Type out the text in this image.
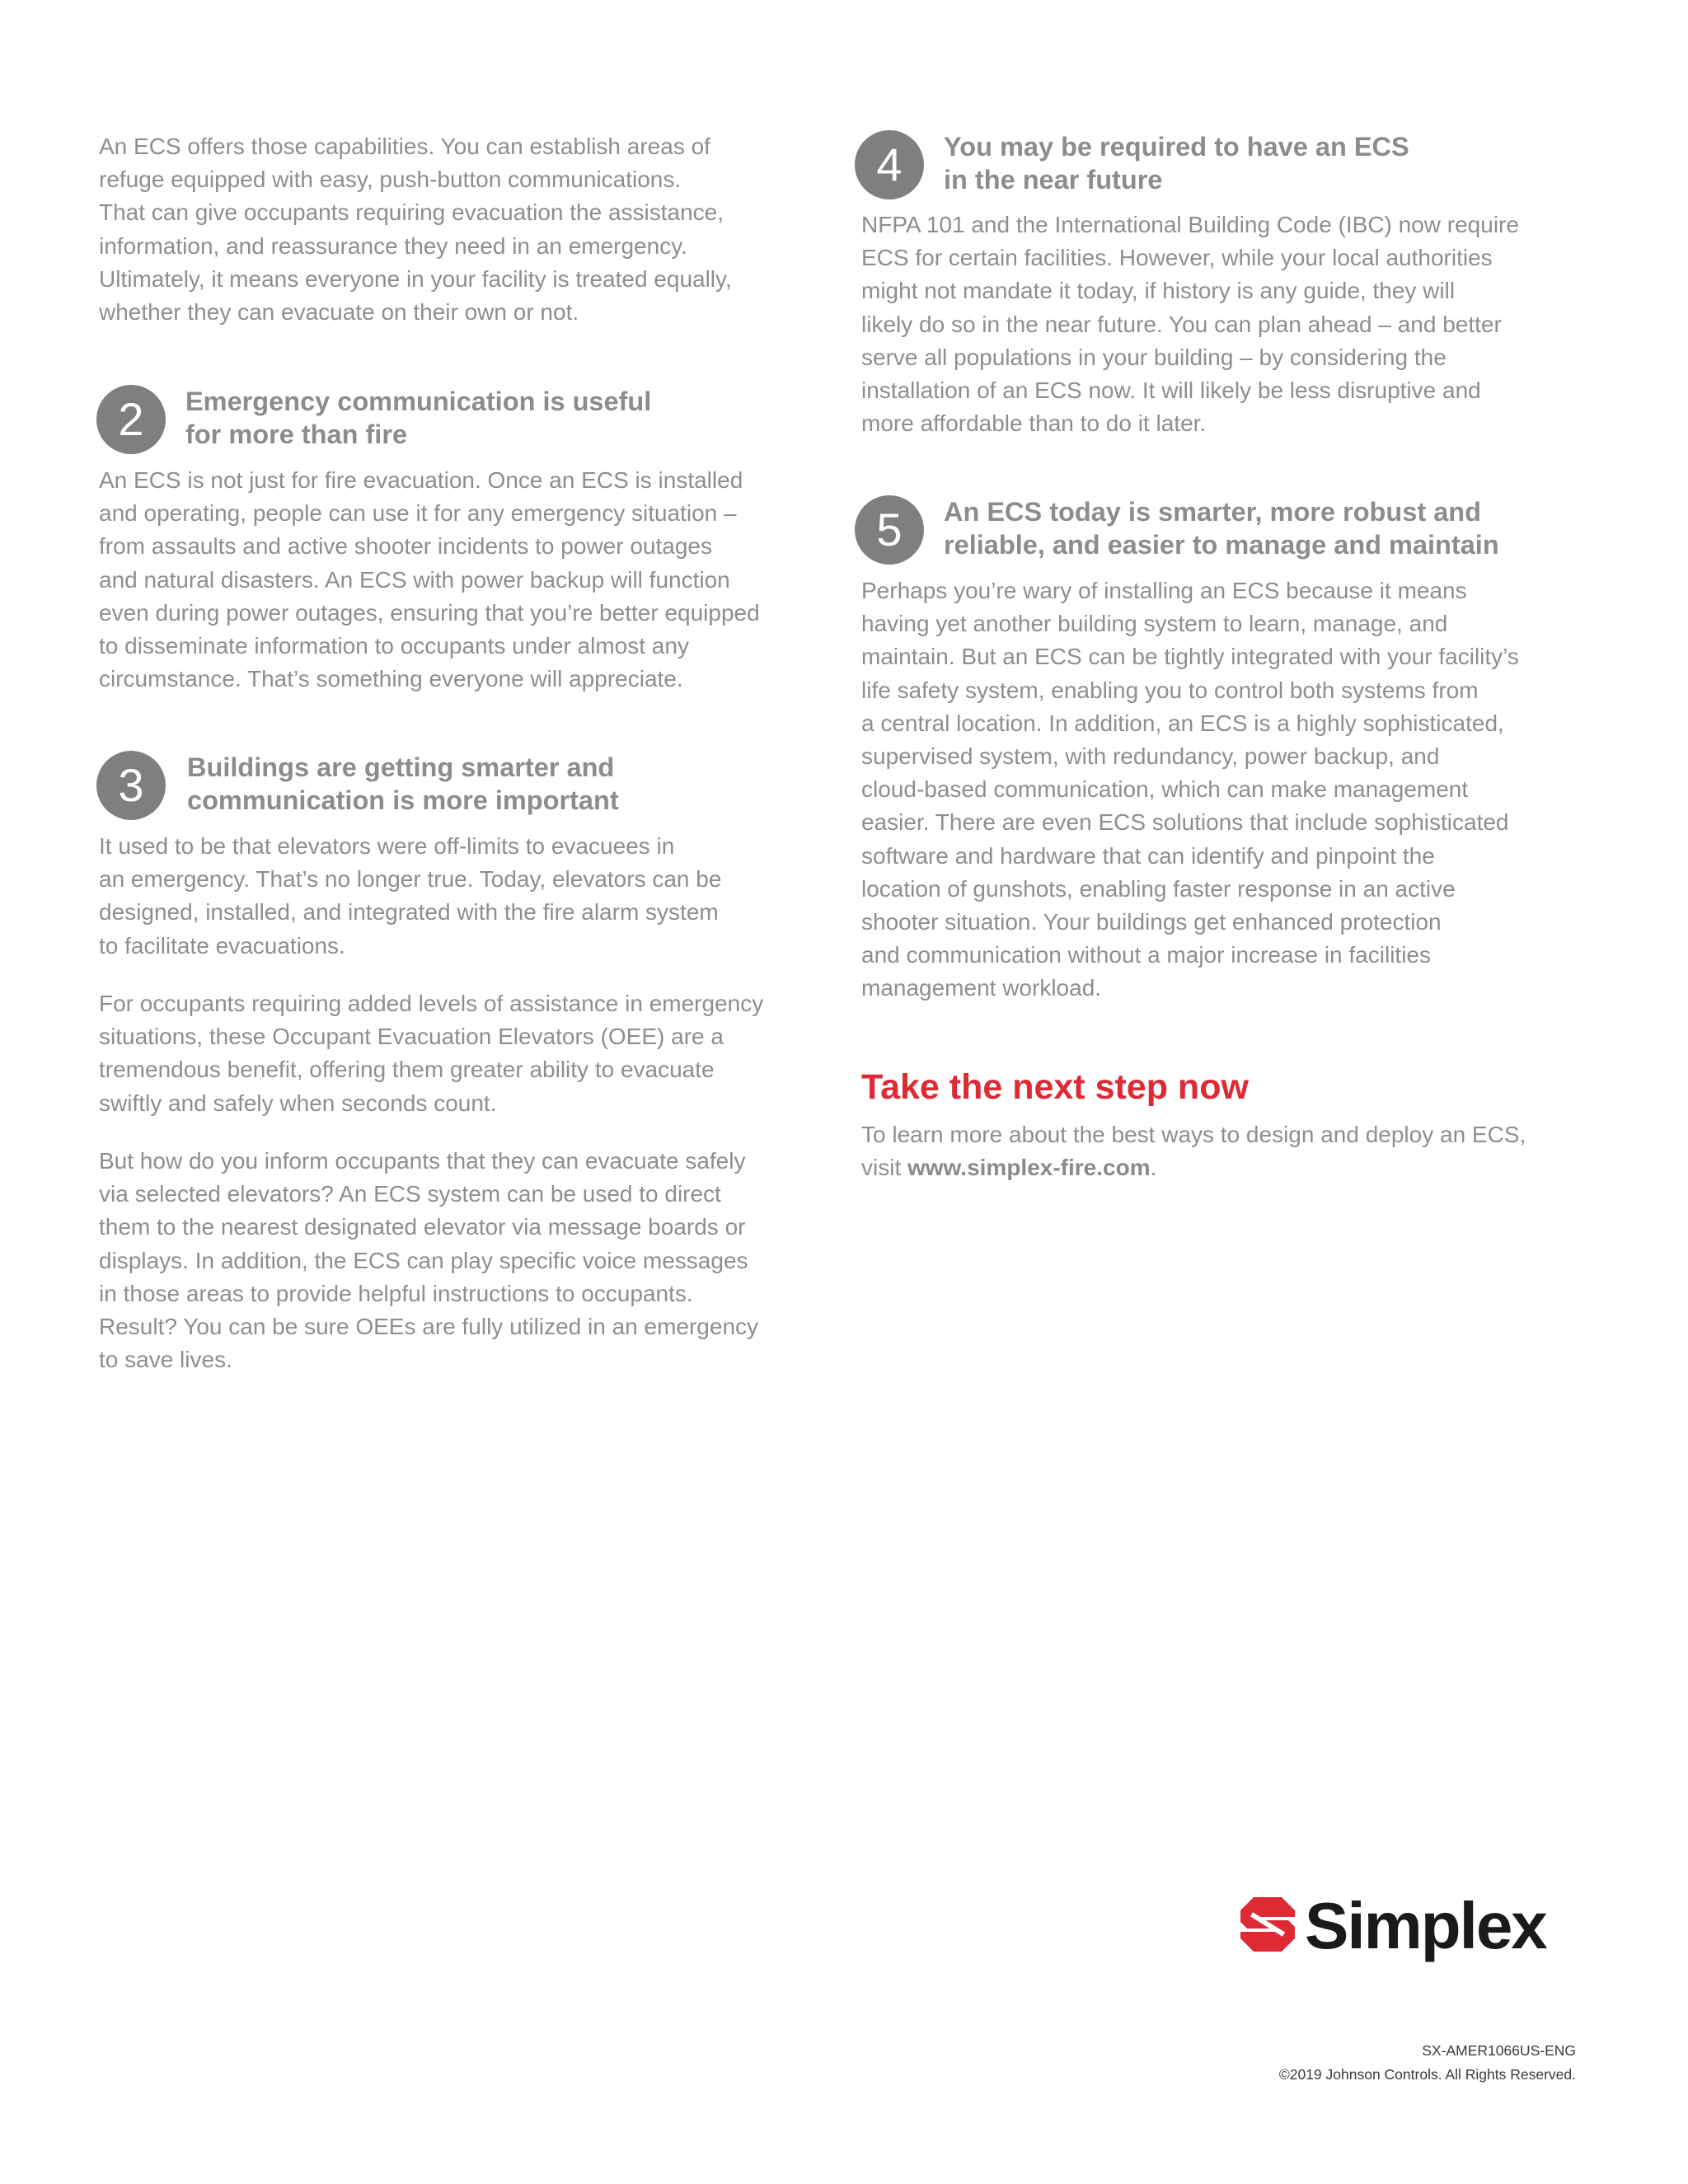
An ECS offers those capabilities. You can establish areas of
refuge equipped with easy, push-button communications.
That can give occupants requiring evacuation the assistance,
information, and reassurance they need in an emergency.
Ultimately, it means everyone in your facility is treated equally,
whether they can evacuate on their own or not.

2	Emergency communication is useful
for more than fire

An ECS is not just for fire evacuation. Once an ECS is installed
and operating, people can use it for any emergency situation –
from assaults and active shooter incidents to power outages
and natural disasters. An ECS with power backup will function
even during power outages, ensuring that you’re better equipped
to disseminate information to occupants under almost any
circumstance. That’s something everyone will appreciate.

3	Buildings are getting smarter and
communication is more important

It used to be that elevators were off-limits to evacuees in
an emergency. That’s no longer true. Today, elevators can be
designed, installed, and integrated with the fire alarm system
to facilitate evacuations.

For occupants requiring added levels of assistance in emergency
situations, these Occupant Evacuation Elevators (OEE) are a
tremendous benefit, offering them greater ability to evacuate
swiftly and safely when seconds count.

But how do you inform occupants that they can evacuate safely
via selected elevators? An ECS system can be used to direct
them to the nearest designated elevator via message boards or
displays. In addition, the ECS can play specific voice messages
in those areas to provide helpful instructions to occupants.
Result? You can be sure OEEs are fully utilized in an emergency
to save lives.

4	You may be required to have an ECS
in the near future

NFPA 101 and the International Building Code (IBC) now require
ECS for certain facilities. However, while your local authorities
might not mandate it today, if history is any guide, they will
likely do so in the near future. You can plan ahead – and better
serve all populations in your building – by considering the
installation of an ECS now. It will likely be less disruptive and
more affordable than to do it later.

5	An ECS today is smarter, more robust and
reliable, and easier to manage and maintain

Perhaps you’re wary of installing an ECS because it means
having yet another building system to learn, manage, and
maintain. But an ECS can be tightly integrated with your facility’s
life safety system, enabling you to control both systems from
a central location. In addition, an ECS is a highly sophisticated,
supervised system, with redundancy, power backup, and
cloud-based communication, which can make management
easier. There are even ECS solutions that include sophisticated
software and hardware that can identify and pinpoint the
location of gunshots, enabling faster response in an active
shooter situation. Your buildings get enhanced protection
and communication without a major increase in facilities
management workload.

Take the next step now

To learn more about the best ways to design and deploy an ECS,
visit www.simplex-fire.com.

Simplex

SX-AMER1066US-ENG

©2019 Johnson Controls. All Rights Reserved.
